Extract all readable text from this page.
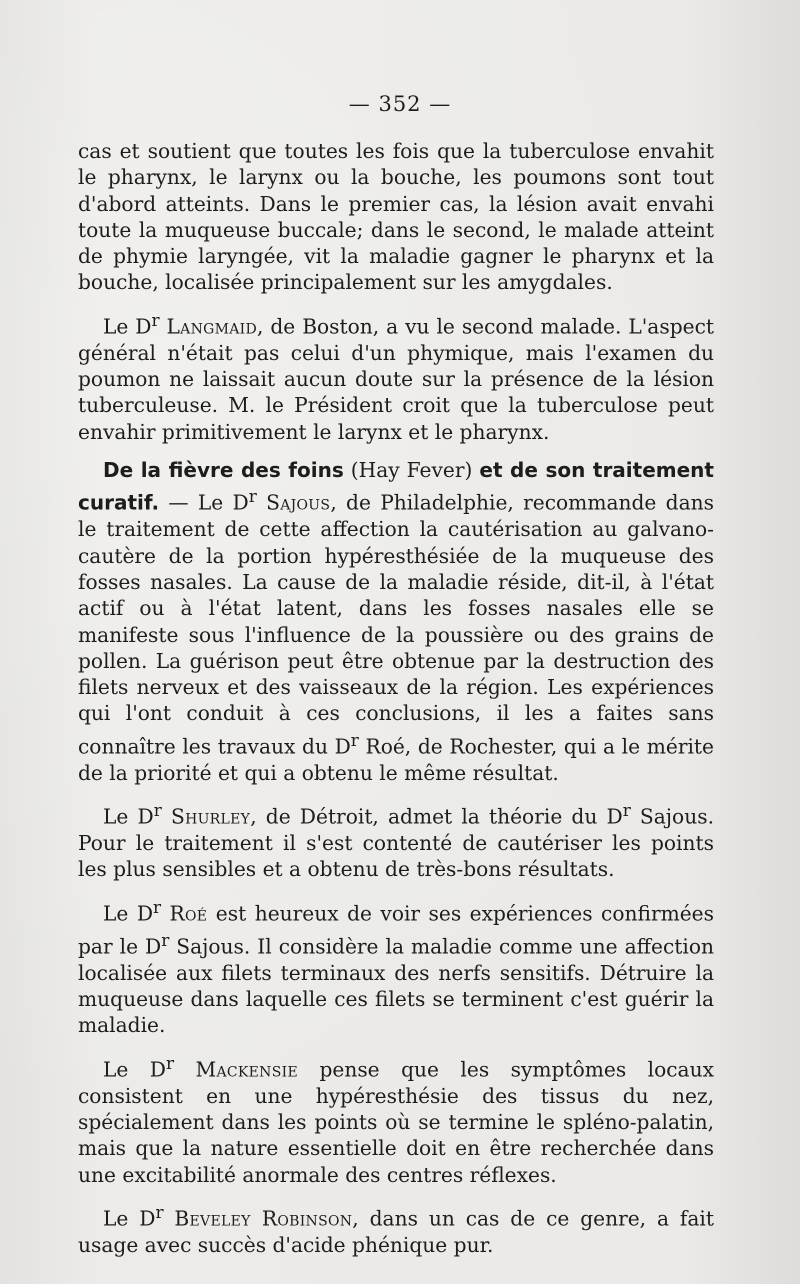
— 352 —

cas et soutient que toutes les fois que la tuberculose envahit le pharynx, le larynx ou la bouche, les poumons sont tout d'abord atteints. Dans le premier cas, la lésion avait envahi toute la muqueuse buccale; dans le second, le malade atteint de phymie laryngée, vit la maladie gagner le pharynx et la bouche, localisée principalement sur les amygdales.

Le $D^r$ Langmaid, de Boston, a vu le second malade. L'aspect général n'était pas celui d'un phymique, mais l'examen du poumon ne laissait aucun doute sur la présence de la lésion tuberculeuse. M. le Président croit que la tuberculose peut envahir primitivement le larynx et le pharynx.

De la fièvre des foins (Hay Fever) et de son traitement curatif. — Le $D^r$ Sajous, de Philadelphie, recommande dans le traitement de cette affection la cautérisation au galvano-cautère de la portion hypéresthésiée de la muqueuse des fosses nasales. La cause de la maladie réside, dit-il, à l'état actif ou à l'état latent, dans les fosses nasales elle se manifeste sous l'influence de la poussière ou des grains de pollen. La guérison peut être obtenue par la destruction des filets nerveux et des vaisseaux de la région. Les expériences qui l'ont conduit à ces conclusions, il les a faites sans connaître les travaux du $D^r$ Roé, de Rochester, qui a le mérite de la priorité et qui a obtenu le même résultat.

Le $D^r$ Shurley, de Détroit, admet la théorie du $D^r$ Sajous. Pour le traitement il s'est contenté de cautériser les points les plus sensibles et a obtenu de très-bons résultats.

Le $D^r$ Roé est heureux de voir ses expériences confirmées par le $D^r$ Sajous. Il considère la maladie comme une affection localisée aux filets terminaux des nerfs sensitifs. Détruire la muqueuse dans laquelle ces filets se terminent c'est guérir la maladie.

Le $D^r$ Mackensie pense que les symptômes locaux consistent en une hypéresthésie des tissus du nez, spécialement dans les points où se termine le spléno-palatin, mais que la nature essentielle doit en être recherchée dans une excitabilité anormale des centres réflexes.

Le $D^r$ Beveley Robinson, dans un cas de ce genre, a fait usage avec succès d'acide phénique pur.
